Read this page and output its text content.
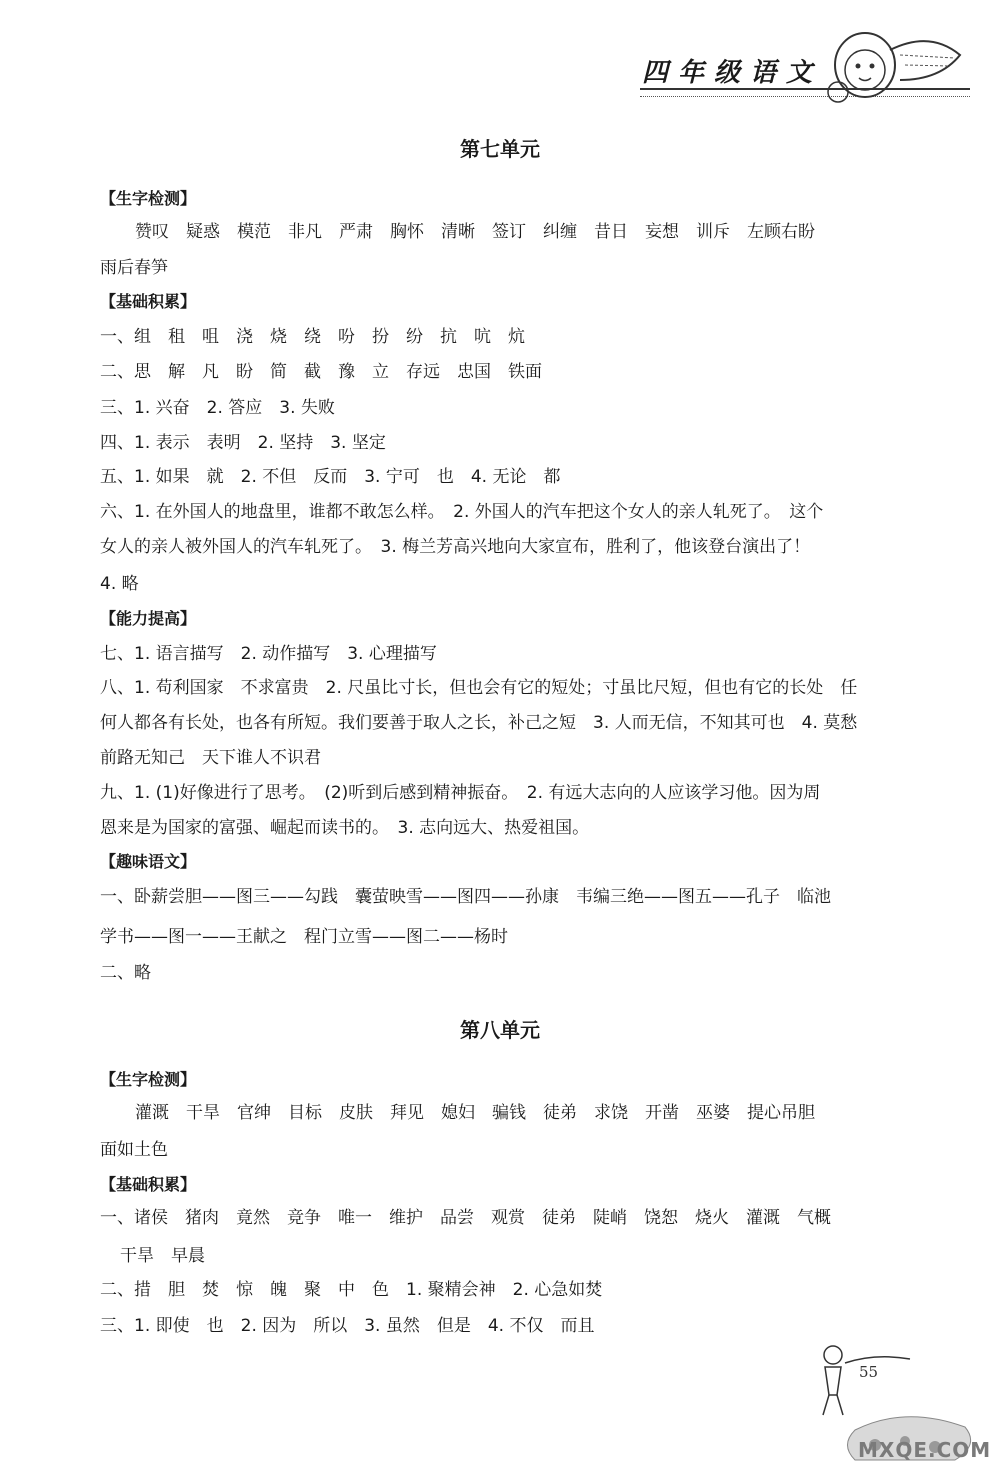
四年级语文
第七单元
【生字检测】
赞叹 疑惑 模范 非凡 严肃 胸怀 清晰 签订 纠缠 昔日 妄想 训斥 左顾右盼
雨后春笋
【基础积累】
一、组　租　咀　浇　烧　绕　吩　扮　纷　抗　吭　炕
二、思　解　凡　盼　简　截　豫　立　存远　忠国　铁面
三、1. 兴奋　2. 答应　3. 失败
四、1. 表示　表明　2. 坚持　3. 坚定
五、1. 如果　就　2. 不但　反而　3. 宁可　也　4. 无论　都
六、1. 在外国人的地盘里，谁都不敢怎么样。　2. 外国人的汽车把这个女人的亲人轧死了。　这个
女人的亲人被外国人的汽车轧死了。　3. 梅兰芳高兴地向大家宣布，胜利了，他该登台演出了！
4. 略
【能力提高】
七、1. 语言描写　2. 动作描写　3. 心理描写
八、1. 苟利国家　不求富贵　2. 尺虽比寸长，但也会有它的短处；寸虽比尺短，但也有它的长处　任
何人都各有长处，也各有所短。我们要善于取人之长，补己之短　3. 人而无信，不知其可也　4. 莫愁
前路无知己　天下谁人不识君
九、1. (1)好像进行了思考。　(2)听到后感到精神振奋。　2. 有远大志向的人应该学习他。因为周
恩来是为国家的富强、崛起而读书的。　3. 志向远大、热爱祖国。
【趣味语文】
一、卧薪尝胆——图三——勾践　囊萤映雪——图四——孙康　韦编三绝——图五——孔子　临池
学书——图一——王献之　程门立雪——图二——杨时
二、略
第八单元
【生字检测】
灌溉 干旱 官绅 目标 皮肤 拜见 媳妇 骗钱 徒弟 求饶 开凿 巫婆 提心吊胆
面如土色
【基础积累】
一、诸侯　猪肉　竟然　竞争　唯一　维护　品尝　观赏　徒弟　陡峭　饶恕　烧火　灌溉　气概
干旱　早晨
二、措　胆　焚　惊　魄　聚　中　色　1. 聚精会神　2. 心急如焚
三、1. 即使　也　2. 因为　所以　3. 虽然　但是　4. 不仅　而且
55
MXQE.COM
